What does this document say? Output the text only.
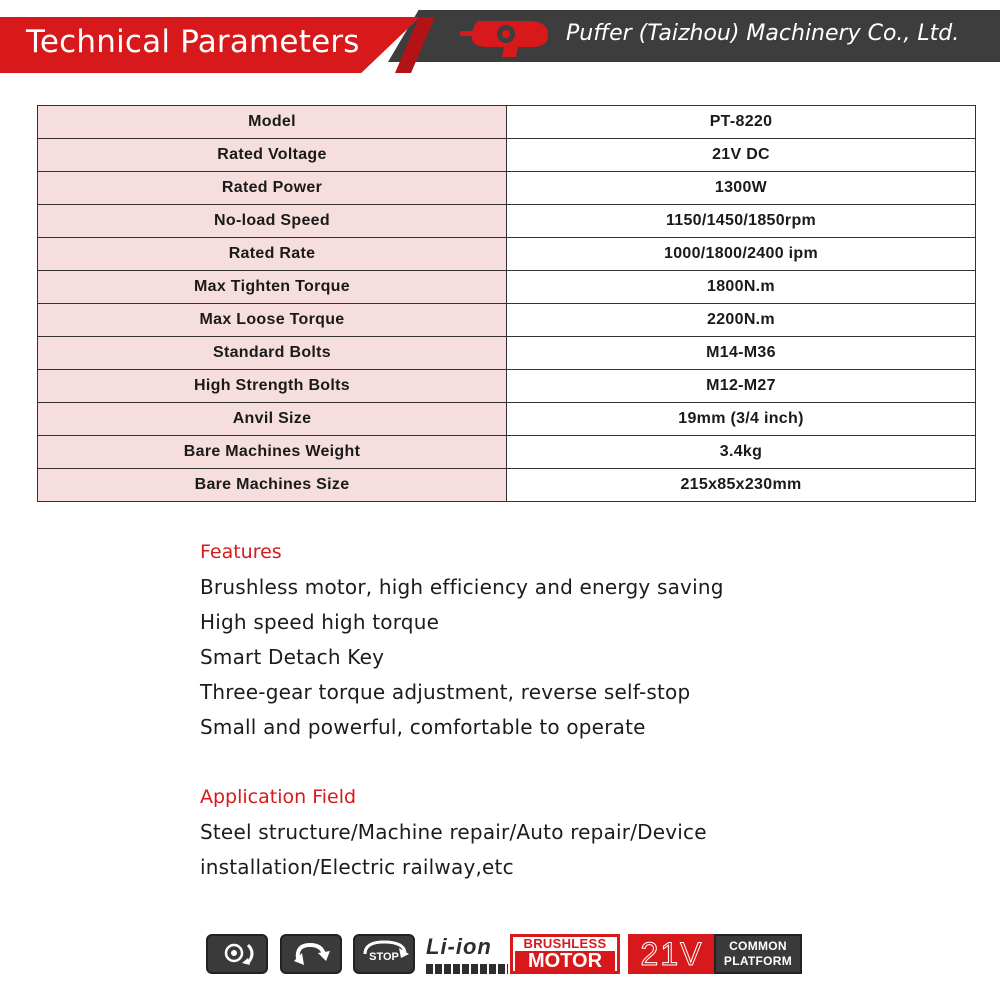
Technical Parameters	Puffer (Taizhou) Machinery Co., Ltd.
Model	PT-8220
Rated Voltage	21V DC
Rated Power	1300W
No-load Speed	1150/1450/1850rpm
Rated Rate	1000/1800/2400 ipm
Max Tighten Torque	1800N.m
Max Loose Torque	2200N.m
Standard Bolts	M14-M36
High Strength Bolts	M12-M27
Anvil Size	19mm (3/4 inch)
Bare Machines Weight	3.4kg
Bare Machines Size	215x85x230mm
Features
Brushless motor, high efficiency and energy saving
High speed high torque
Smart Detach Key
Three-gear torque adjustment, reverse self-stop
Small and powerful, comfortable to operate
Application Field
Steel structure/Machine repair/Auto repair/Device
installation/Electric railway,etc
STOP Li-ion	BRUSHLESS
MOTOR	21V	COMMON
PLATFORM
